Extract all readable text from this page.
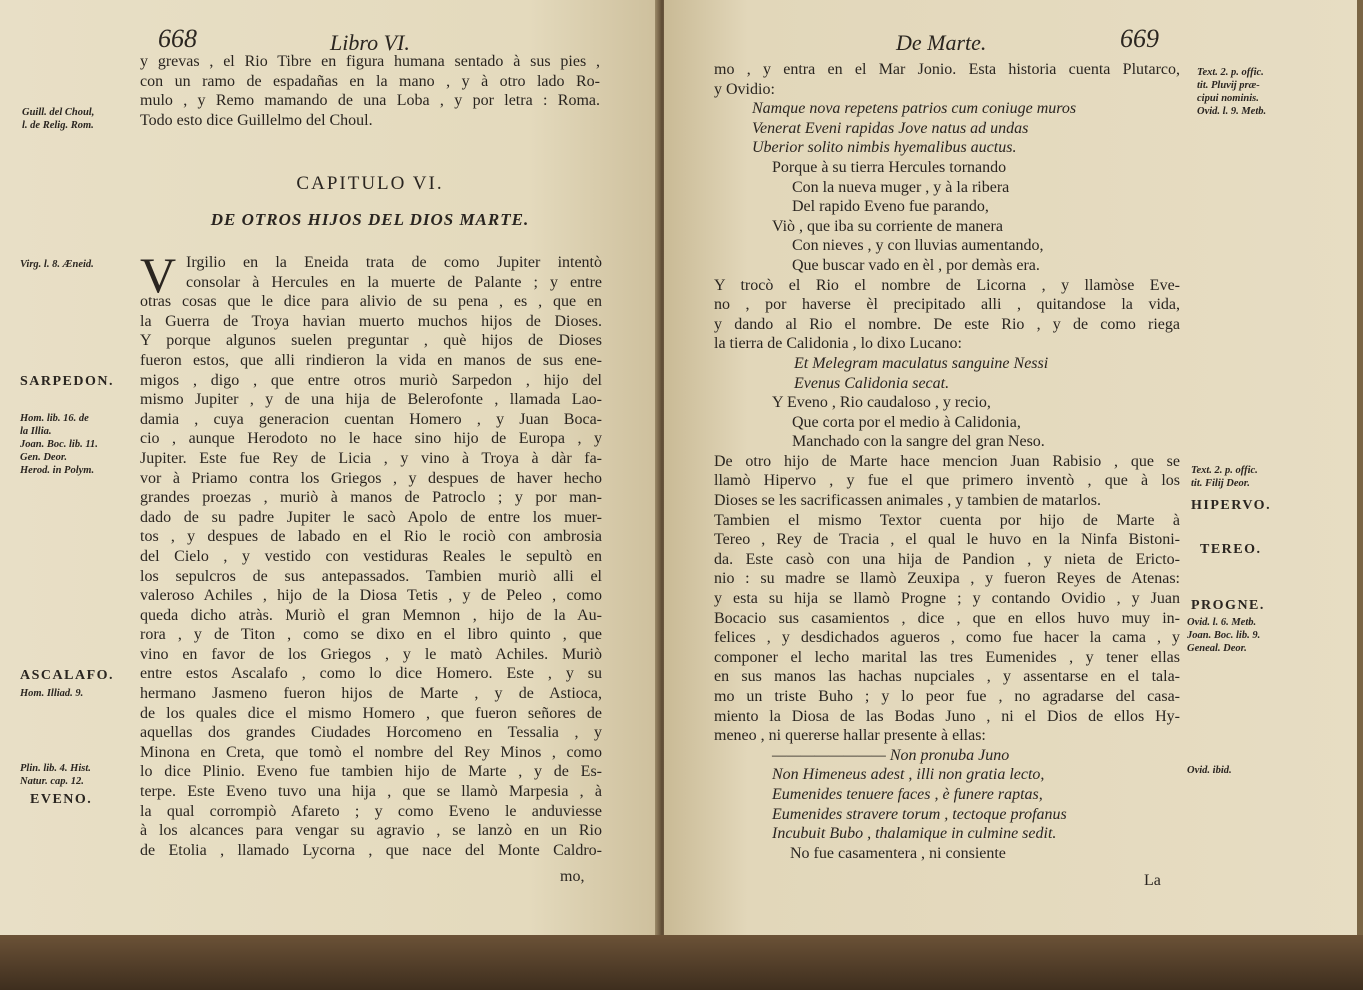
668	Libro VI.
y grevas , el Rio Tibre en figura humana sentado à sus pies ,
con un ramo de espadañas en la mano , y à otro lado Ro-
mulo , y Remo mamando de una Loba , y por letra : Roma.
Todo esto dice Guillelmo del Choul.
CAPITULO VI.
DE OTROS HIJOS DEL DIOS MARTE.
V Irgilio en la Eneida trata de como Jupiter intentò
consolar à Hercules en la muerte de Palante ; y entre
otras cosas que le dice para alivio de su pena , es , que en
la Guerra de Troya havian muerto muchos hijos de Dioses.
Y porque algunos suelen preguntar , què hijos de Dioses
fueron estos, que alli rindieron la vida en manos de sus ene-
migos , digo , que entre otros muriò Sarpedon , hijo del
mismo Jupiter , y de una hija de Belerofonte , llamada Lao-
damia , cuya generacion cuentan Homero , y Juan Boca-
cio , aunque Herodoto no le hace sino hijo de Europa , y
Jupiter. Este fue Rey de Licia , y vino à Troya à dàr fa-
vor à Priamo contra los Griegos , y despues de haver hecho
grandes proezas , muriò à manos de Patroclo ; y por man-
dado de su padre Jupiter le sacò Apolo de entre los muer-
tos , y despues de labado en el Rio le rociò con ambrosia
del Cielo , y vestido con vestiduras Reales le sepultò en
los sepulcros de sus antepassados. Tambien muriò alli el
valeroso Achiles , hijo de la Diosa Tetis , y de Peleo , como
queda dicho atràs. Muriò el gran Memnon , hijo de la Au-
rora , y de Titon , como se dixo en el libro quinto , que
vino en favor de los Griegos , y le matò Achiles. Muriò
entre estos Ascalafo , como lo dice Homero. Este , y su
hermano Jasmeno fueron hijos de Marte , y de Astioca,
de los quales dice el mismo Homero , que fueron señores de
aquellas dos grandes Ciudades Horcomeno en Tessalia , y
Minona en Creta, que tomò el nombre del Rey Minos , como
lo dice Plinio. Eveno fue tambien hijo de Marte , y de Es-
terpe. Este Eveno tuvo una hija , que se llamò Marpesia , à
la qual corrompiò Afareto ; y como Eveno le anduviesse
à los alcances para vengar su agravio , se lanzò en un Rio
de Etolia , llamado Lycorna , que nace del Monte Caldro-
mo,
Guill. del Choul,
l. de Relig. Rom.
Virg. l. 8. Æneid.
SARPEDON.
Hom. lib. 16. de
la Illia.
Joan. Boc. lib. 11.
Gen. Deor.
Herod. in Polym.
ASCALAFO.
Hom. Illiad. 9.
Plin. lib. 4. Hist.
Natur. cap. 12.
EVENO.
De Marte.	669
mo , y entra en el Mar Jonio. Esta historia cuenta Plutarco,
y Ovidio:
Namque nova repetens patrios cum coniuge muros
Venerat Eveni rapidas Jove natus ad undas
Uberior solito nimbis hyemalibus auctus.
Porque à su tierra Hercules tornando
Con la nueva muger , y à la ribera
Del rapido Eveno fue parando,
Viò , que iba su corriente de manera
Con nieves , y con lluvias aumentando,
Que buscar vado en èl , por demàs era.
Y trocò el Rio el nombre de Licorna , y llamòse Eve-
no , por haverse èl precipitado alli , quitandose la vida,
y dando al Rio el nombre. De este Rio , y de como riega
la tierra de Calidonia , lo dixo Lucano:
Et Melegram maculatus sanguine Nessi
Evenus Calidonia secat.
Y Eveno , Rio caudaloso , y recio,
Que corta por el medio à Calidonia,
Manchado con la sangre del gran Neso.
De otro hijo de Marte hace mencion Juan Rabisio , que se
llamò Hipervo , y fue el que primero inventò , que à los
Dioses se les sacrificassen animales , y tambien de matarlos.
Tambien el mismo Textor cuenta por hijo de Marte à
Tereo , Rey de Tracia , el qual le huvo en la Ninfa Bistoni-
da. Este casò con una hija de Pandion , y nieta de Ericto-
nio : su madre se llamò Zeuxipa , y fueron Reyes de Atenas:
y esta su hija se llamò Progne ; y contando Ovidio , y Juan
Bocacio sus casamientos , dice , que en ellos huvo muy in-
felices , y desdichados agueros , como fue hacer la cama , y
componer el lecho marital las tres Eumenides , y tener ellas
en sus manos las hachas nupciales , y assentarse en el tala-
mo un triste Buho ; y lo peor fue , no agradarse del casa-
miento la Diosa de las Bodas Juno , ni el Dios de ellos Hy-
meneo , ni quererse hallar presente à ellas:
———————— Non pronuba Juno
Non Himeneus adest , illi non gratia lecto,
Eumenides tenuere faces , è funere raptas,
Eumenides stravere torum , tectoque profanus
Incubuit Bubo , thalamique in culmine sedit.
No fue casamentera , ni consiente
La
Text. 2. p. offic.
tit. Pluvij præ-
cipui nominis.
Ovid. l. 9. Metb.
Text. 2. p. offic.
tit. Filij Deor.
HIPERVO.
TEREO.
PROGNE.
Ovid. l. 6. Metb.
Joan. Boc. lib. 9.
Geneal. Deor.
Ovid. ibid.
